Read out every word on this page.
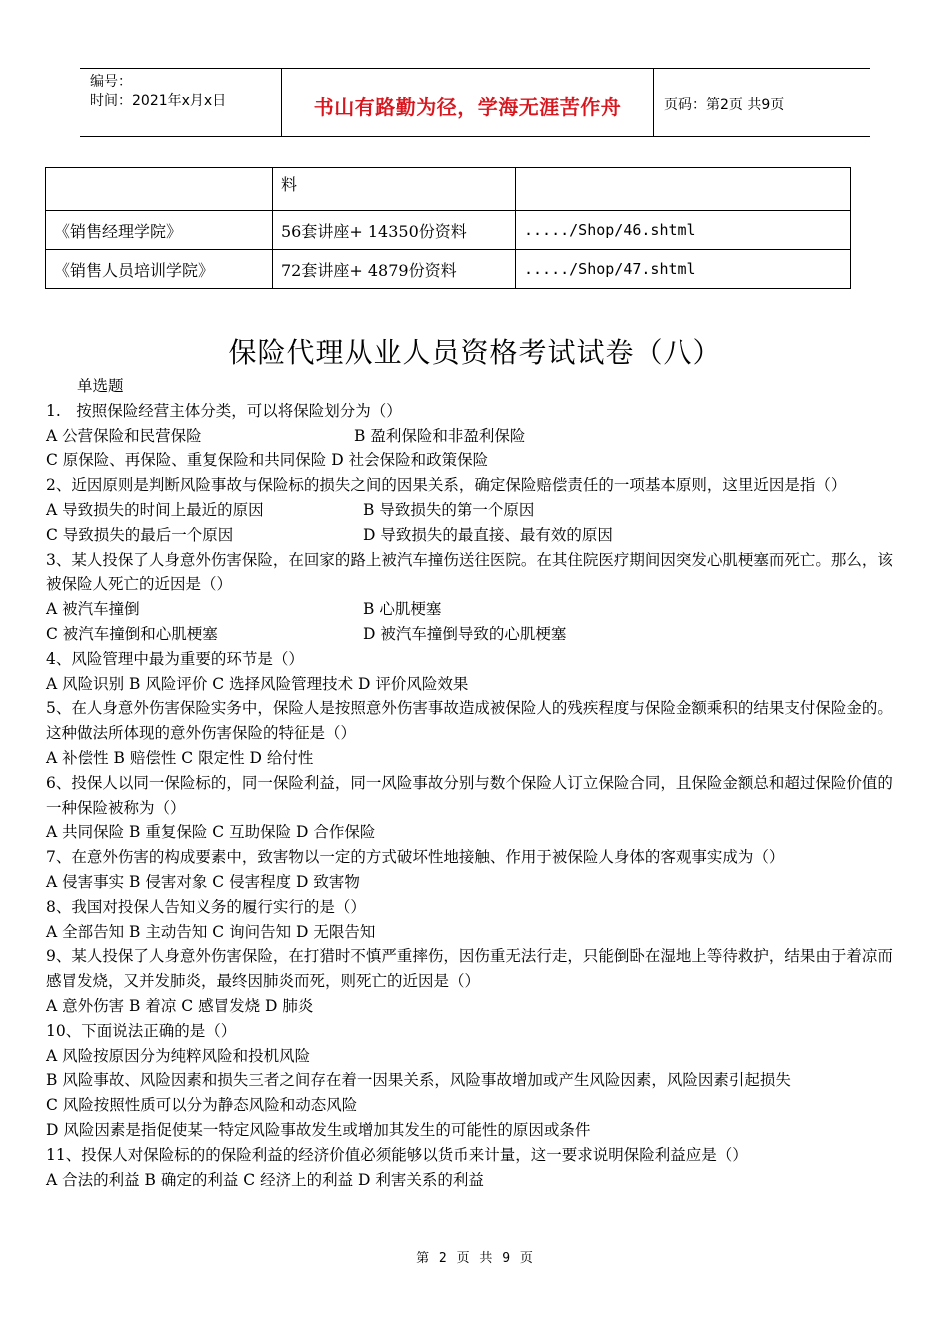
编号：
时间：2021年x月x日	书山有路勤为径，学海无涯苦作舟	页码：第2页 共9页
	料	
《销售经理学院》	56套讲座+ 14350份资料	...../Shop/46.shtml
《销售人员培训学院》	72套讲座+ 4879份资料	...../Shop/47.shtml
保险代理从业人员资格考试试卷（八）
单选题
1.　按照保险经营主体分类，可以将保险划分为（）
A 公营保险和民营保险	B 盈利保险和非盈利保险
C 原保险、再保险、重复保险和共同保险 D 社会保险和政策保险
2、近因原则是判断风险事故与保险标的损失之间的因果关系，确定保险赔偿责任的一项基本原则，这里近因是指（）
A 导致损失的时间上最近的原因	B 导致损失的第一个原因
C 导致损失的最后一个原因	D 导致损失的最直接、最有效的原因
3、某人投保了人身意外伤害保险，在回家的路上被汽车撞伤送往医院。在其住院医疗期间因突发心肌梗塞而死亡。那么，该被保险人死亡的近因是（）
A 被汽车撞倒	B 心肌梗塞
C 被汽车撞倒和心肌梗塞	D 被汽车撞倒导致的心肌梗塞
4、风险管理中最为重要的环节是（）
A 风险识别 B 风险评价 C 选择风险管理技术 D 评价风险效果
5、在人身意外伤害保险实务中，保险人是按照意外伤害事故造成被保险人的残疾程度与保险金额乘积的结果支付保险金的。这种做法所体现的意外伤害保险的特征是（）
A 补偿性 B 赔偿性 C 限定性 D 给付性
6、投保人以同一保险标的，同一保险利益，同一风险事故分别与数个保险人订立保险合同，且保险金额总和超过保险价值的一种保险被称为（）
A 共同保险 B 重复保险 C 互助保险 D 合作保险
7、在意外伤害的构成要素中，致害物以一定的方式破坏性地接触、作用于被保险人身体的客观事实成为（）
A 侵害事实 B 侵害对象 C 侵害程度 D 致害物
8、我国对投保人告知义务的履行实行的是（）
A 全部告知 B 主动告知 C 询问告知 D 无限告知
9、某人投保了人身意外伤害保险，在打猎时不慎严重摔伤，因伤重无法行走，只能倒卧在湿地上等待救护，结果由于着凉而感冒发烧，又并发肺炎，最终因肺炎而死，则死亡的近因是（）
A 意外伤害 B 着凉 C 感冒发烧 D 肺炎
10、下面说法正确的是（）
A 风险按原因分为纯粹风险和投机风险
B 风险事故、风险因素和损失三者之间存在着一因果关系，风险事故增加或产生风险因素，风险因素引起损失
C 风险按照性质可以分为静态风险和动态风险
D 风险因素是指促使某一特定风险事故发生或增加其发生的可能性的原因或条件
11、投保人对保险标的的保险利益的经济价值必须能够以货币来计量，这一要求说明保险利益应是（）
A 合法的利益 B 确定的利益 C 经济上的利益 D 利害关系的利益
第 2 页 共 9 页
